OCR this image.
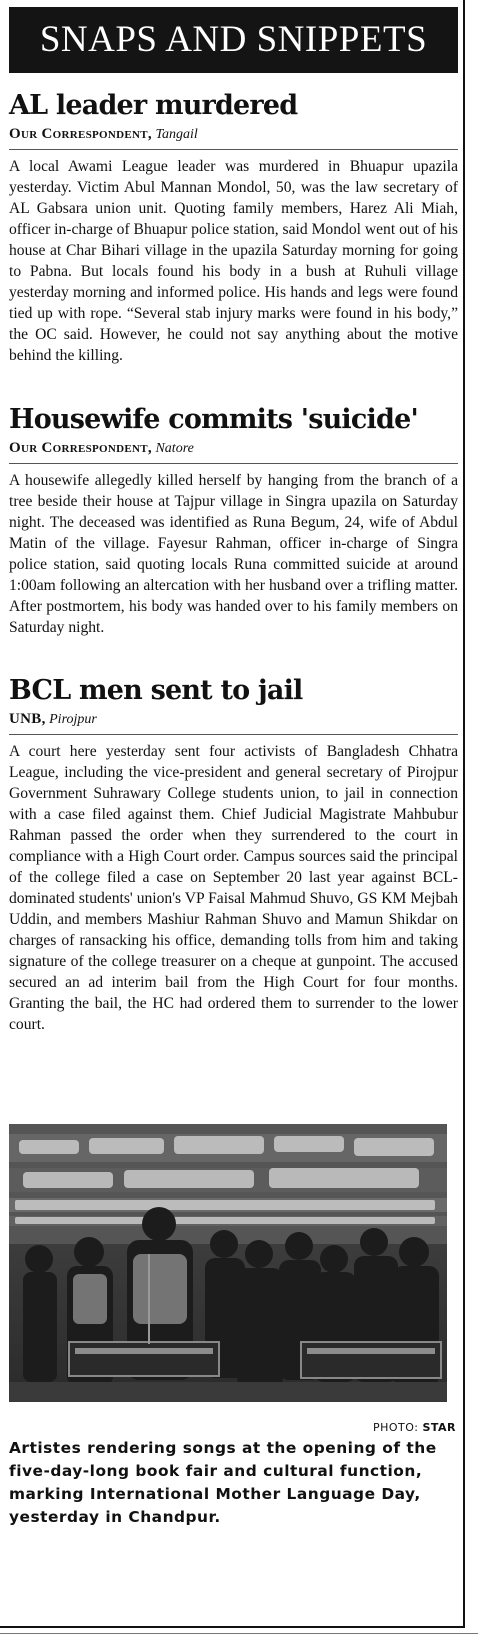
SNAPS AND SNIPPETS
AL leader murdered
Our Correspondent, Tangail
A local Awami League leader was murdered in Bhuapur upazila yesterday. Victim Abul Mannan Mondol, 50, was the law secretary of AL Gabsara union unit. Quoting family members, Harez Ali Miah, officer in-charge of Bhuapur police station, said Mondol went out of his house at Char Bihari village in the upazila Saturday morning for going to Pabna. But locals found his body in a bush at Ruhuli village yesterday morning and informed police. His hands and legs were found tied up with rope. “Several stab injury marks were found in his body,” the OC said. However, he could not say anything about the motive behind the killing.
Housewife commits 'suicide'
Our Correspondent, Natore
A housewife allegedly killed herself by hanging from the branch of a tree beside their house at Tajpur village in Singra upazila on Saturday night. The deceased was identified as Runa Begum, 24, wife of Abdul Matin of the village. Fayesur Rahman, officer in-charge of Singra police station, said quoting locals Runa committed suicide at around 1:00am following an altercation with her husband over a trifling matter. After postmortem, his body was handed over to his family members on Saturday night.
BCL men sent to jail
UNB, Pirojpur
A court here yesterday sent four activists of Bangladesh Chhatra League, including the vice-president and general secretary of Pirojpur Government Suhrawary College students union, to jail in connection with a case filed against them. Chief Judicial Magistrate Mahbubur Rahman passed the order when they surrendered to the court in compliance with a High Court order. Campus sources said the principal of the college filed a case on September 20 last year against BCL-dominated students' union's VP Faisal Mahmud Shuvo, GS KM Mejbah Uddin, and members Mashiur Rahman Shuvo and Mamun Shikdar on charges of ransacking his office, demanding tolls from him and taking signature of the college treasurer on a cheque at gunpoint. The accused secured an ad interim bail from the High Court for four months. Granting the bail, the HC had ordered them to surrender to the lower court.
PHOTO: STAR
Artistes rendering songs at the opening of the five-day-long book fair and cultural function, marking International Mother Language Day, yesterday in Chandpur.
